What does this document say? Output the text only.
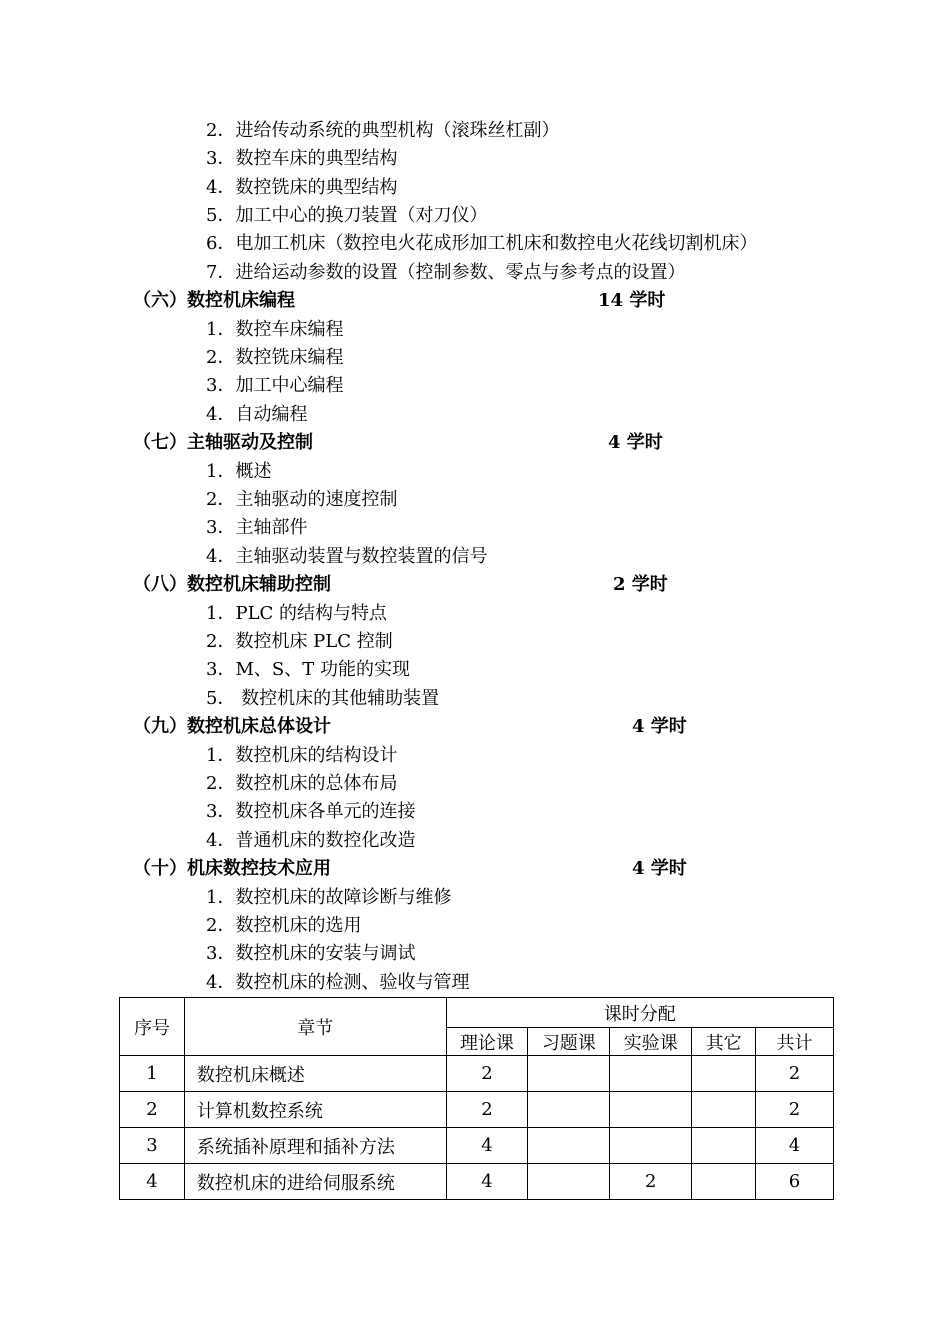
2．进给传动系统的典型机构（滚珠丝杠副）
3．数控车床的典型结构
4．数控铣床的典型结构
5．加工中心的换刀装置（对刀仪）
6．电加工机床（数控电火花成形加工机床和数控电火花线切割机床）
7．进给运动参数的设置（控制参数、零点与参考点的设置）
（六）数控机床编程	14 学时
1．数控车床编程
2．数控铣床编程
3．加工中心编程
4．自动编程
（七）主轴驱动及控制	4 学时
1．概述
2．主轴驱动的速度控制
3．主轴部件
4．主轴驱动装置与数控装置的信号
（八）数控机床辅助控制	2 学时
1．PLC 的结构与特点
2．数控机床 PLC 控制
3．M、S、T 功能的实现
5． 数控机床的其他辅助装置
（九）数控机床总体设计	4 学时
1．数控机床的结构设计
2．数控机床的总体布局
3．数控机床各单元的连接
4．普通机床的数控化改造
（十）机床数控技术应用	4 学时
1．数控机床的故障诊断与维修
2．数控机床的选用
3．数控机床的安装与调试
4．数控机床的检测、验收与管理
序号	章节	课时分配				
		理论课	习题课	实验课	其它	共计
1	数控机床概述	2				2
2	计算机数控系统	2				2
3	系统插补原理和插补方法	4				4
4	数控机床的进给伺服系统	4		2		6
